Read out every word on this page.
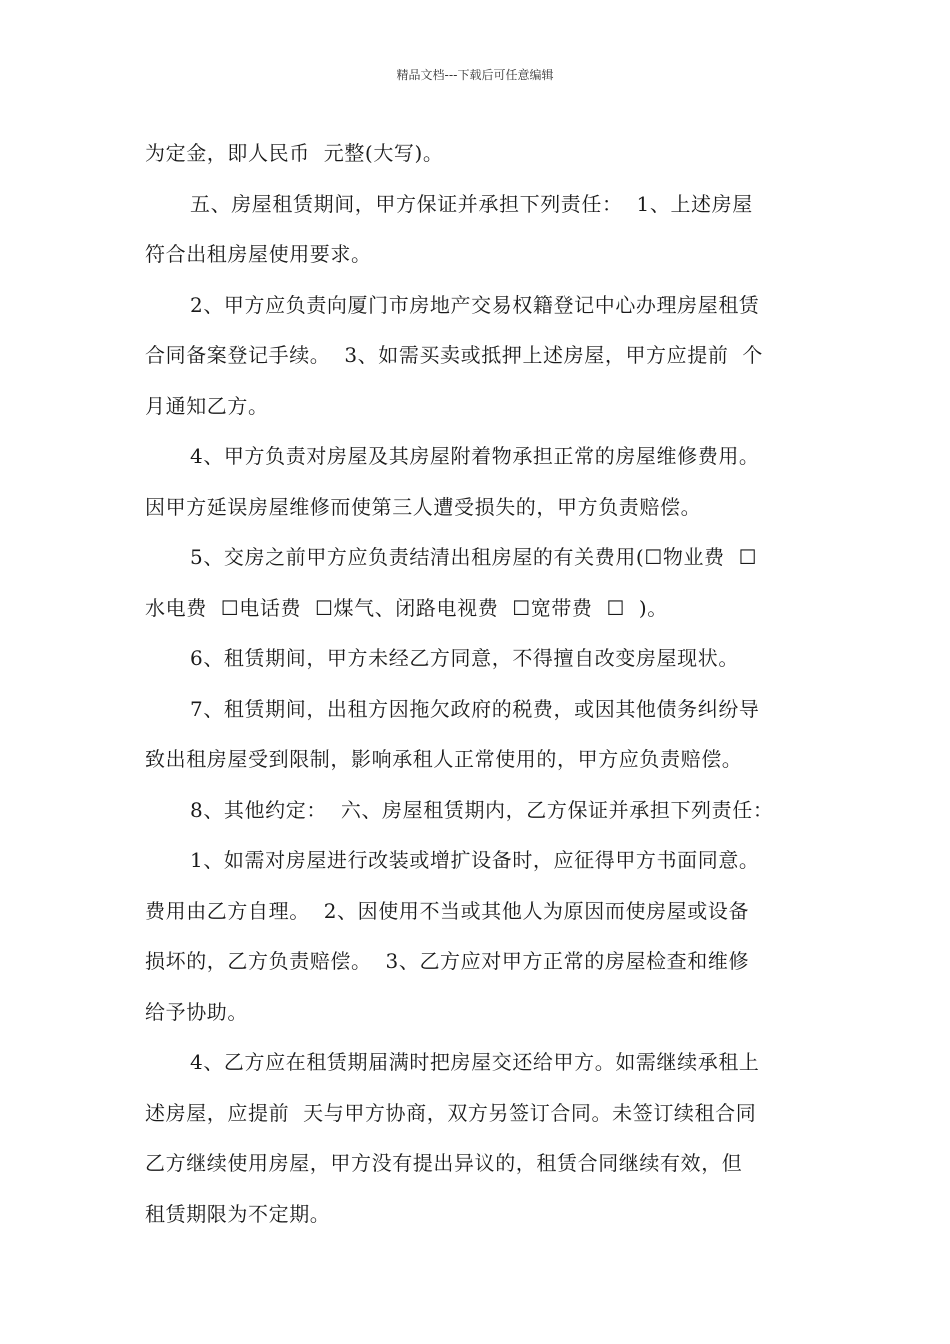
精品文档---下载后可任意编辑
为定金，即人民币  元整(大写)。
五、房屋租赁期间，甲方保证并承担下列责任：  1、上述房屋
符合出租房屋使用要求。
2、甲方应负责向厦门市房地产交易权籍登记中心办理房屋租赁
合同备案登记手续。  3、如需买卖或抵押上述房屋，甲方应提前  个
月通知乙方。
4、甲方负责对房屋及其房屋附着物承担正常的房屋维修费用。
因甲方延误房屋维修而使第三人遭受损失的，甲方负责赔偿。
5、交房之前甲方应负责结清出租房屋的有关费用(☐物业费  ☐
水电费  ☐电话费  ☐煤气、闭路电视费  ☐宽带费  ☐  )。
6、租赁期间，甲方未经乙方同意，不得擅自改变房屋现状。
7、租赁期间，出租方因拖欠政府的税费，或因其他债务纠纷导
致出租房屋受到限制，影响承租人正常使用的，甲方应负责赔偿。
8、其他约定：  六、房屋租赁期内，乙方保证并承担下列责任：
1、如需对房屋进行改装或增扩设备时，应征得甲方书面同意。
费用由乙方自理。  2、因使用不当或其他人为原因而使房屋或设备
损坏的，乙方负责赔偿。  3、乙方应对甲方正常的房屋检查和维修
给予协助。
4、乙方应在租赁期届满时把房屋交还给甲方。如需继续承租上
述房屋，应提前  天与甲方协商，双方另签订合同。未签订续租合同
乙方继续使用房屋，甲方没有提出异议的，租赁合同继续有效，但
租赁期限为不定期。
